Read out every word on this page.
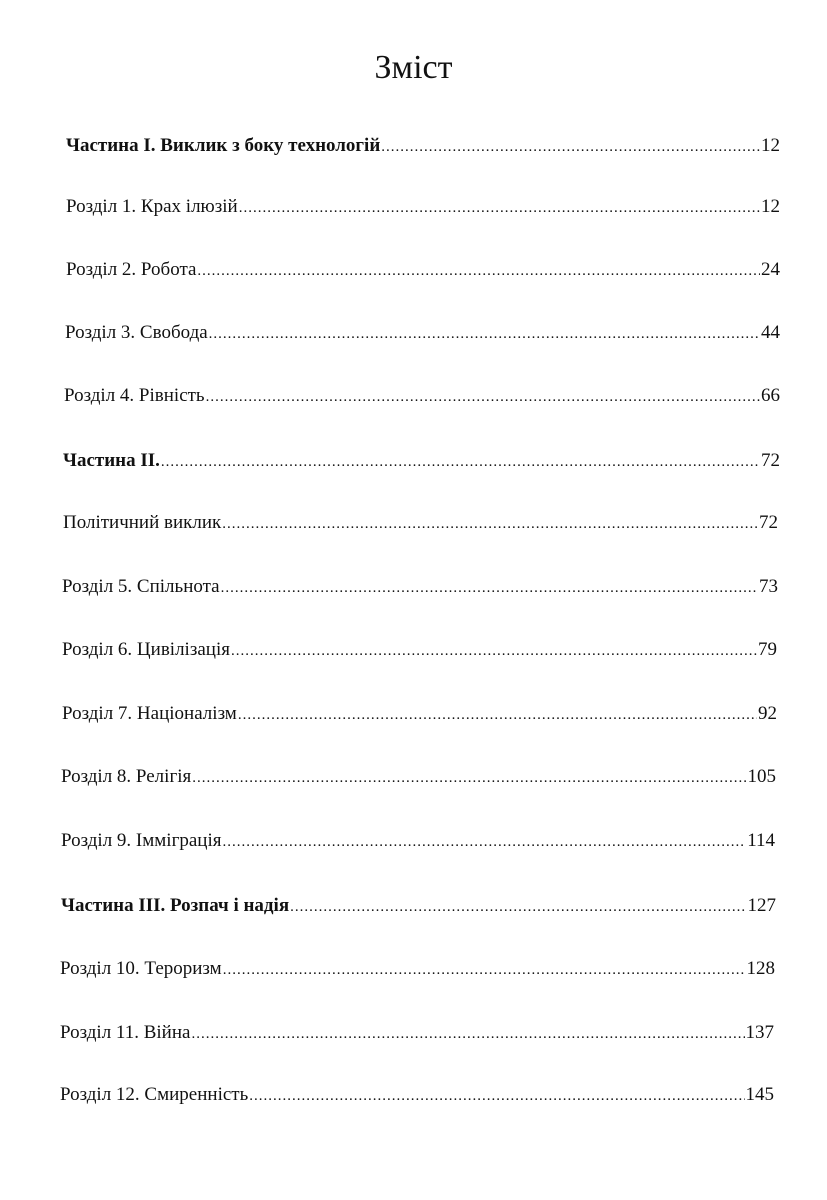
Зміст
Частина I. Виклик з боку технологій .....	12
Розділ 1. Крах ілюзій .....	12
Розділ 2. Робота .....	24
Розділ 3. Свобода .....	44
Розділ 4. Рівність .....	66
Частина II. .....	72
Політичний виклик .....	72
Розділ 5. Спільнота .....	73
Розділ 6. Цивілізація .....	79
Розділ 7. Націоналізм .....	92
Розділ 8. Релігія .....	105
Розділ 9. Імміграція .....	114
Частина III. Розпач і надія .....	127
Розділ 10. Тероризм .....	128
Розділ 11. Війна .....	137
Розділ 12. Смиренність .....	145
